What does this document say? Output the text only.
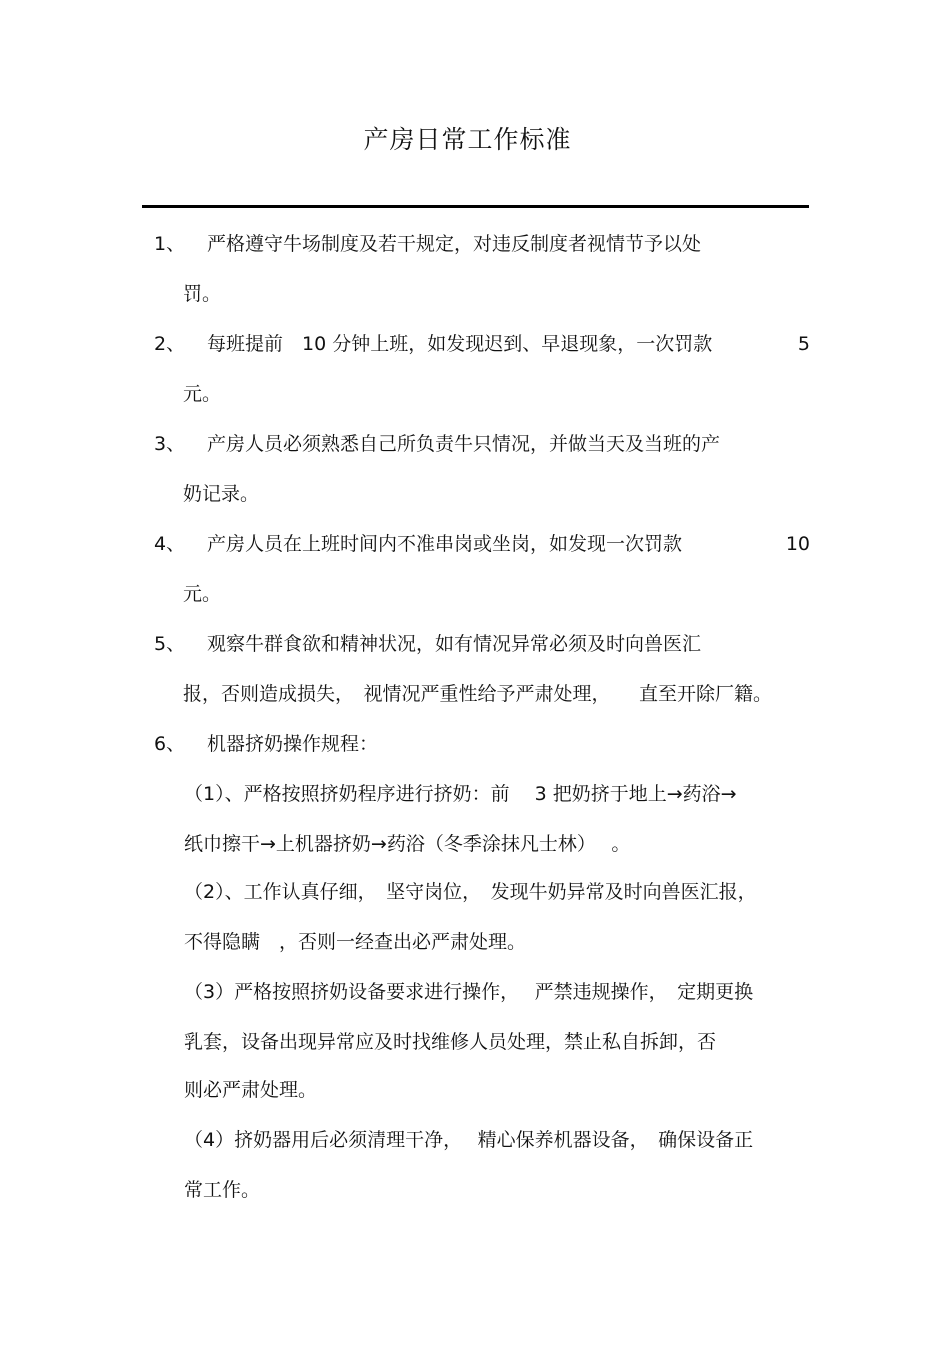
产房日常工作标准
1、 严格遵守牛场制度及若干规定，对违反制度者视情节予以处
罚。
2、 每班提前　10 分钟上班，如发现迟到、早退现象，一次罚款	5
元。
3、 产房人员必须熟悉自己所负责牛只情况，并做当天及当班的产
奶记录。
4、 产房人员在上班时间内不准串岗或坐岗，如发现一次罚款	10
元。
5、 观察牛群食欲和精神状况，如有情况异常必须及时向兽医汇
报，否则造成损失，　视情况严重性给予严肃处理，　　直至开除厂籍。
6、 机器挤奶操作规程：
（1）、严格按照挤奶程序进行挤奶：前　 3 把奶挤于地上→药浴→
纸巾擦干→上机器挤奶→药浴（冬季涂抹凡士林）　 。
（2）、工作认真仔细，　坚守岗位，　发现牛奶异常及时向兽医汇报，
不得隐瞒　，否则一经查出必严肃处理。
（3）严格按照挤奶设备要求进行操作，　 严禁违规操作，　定期更换
乳套，设备出现异常应及时找维修人员处理，禁止私自拆卸，否
则必严肃处理。
（4）挤奶器用后必须清理干净，　 精心保养机器设备，　确保设备正
常工作。
